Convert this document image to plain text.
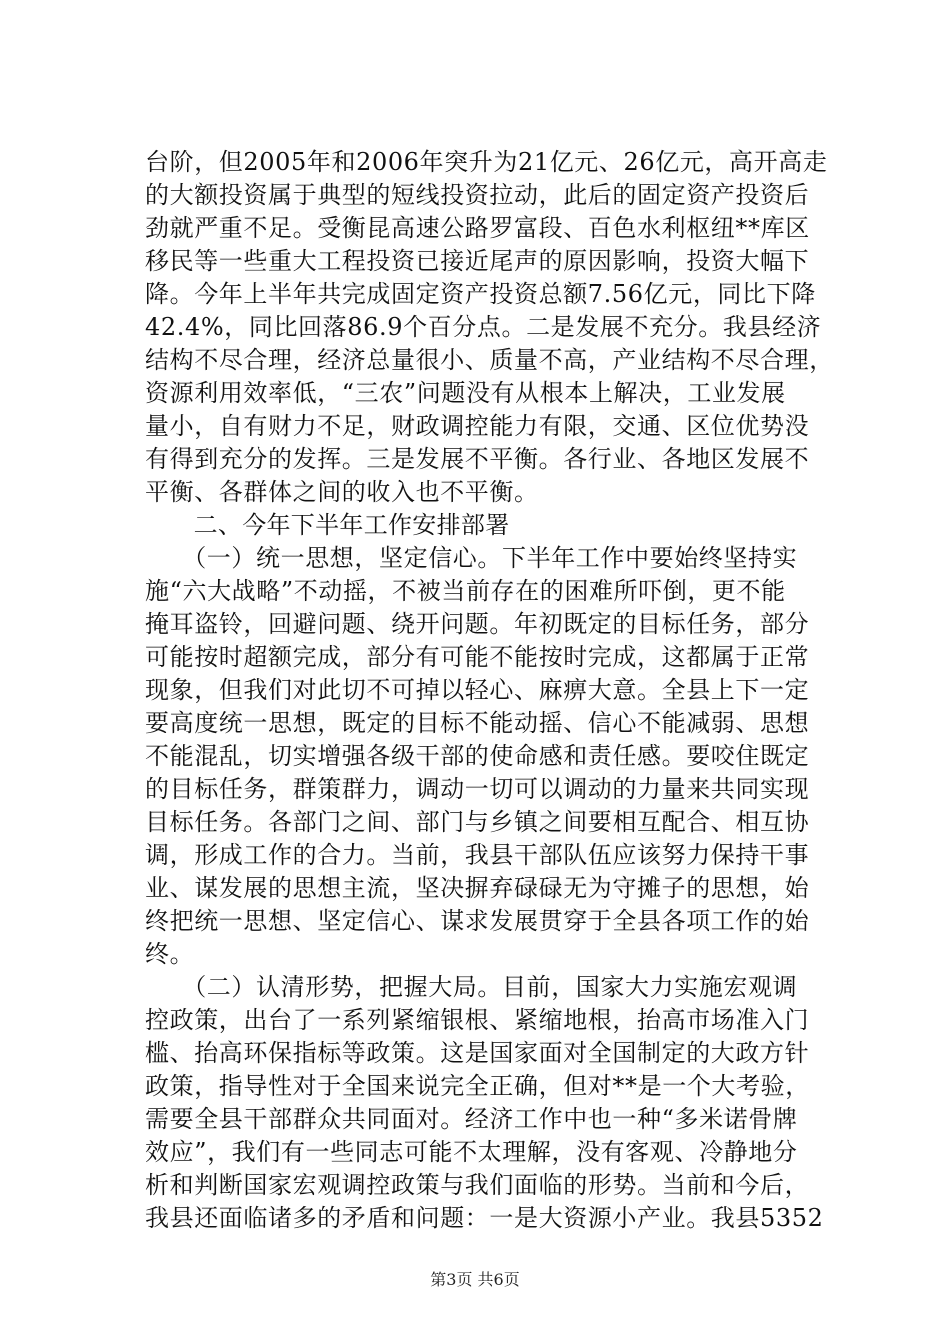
台阶，但2005年和2006年突升为21亿元、26亿元，高开高走
的大额投资属于典型的短线投资拉动，此后的固定资产投资后
劲就严重不足。受衡昆高速公路罗富段、百色水利枢纽**库区
移民等一些重大工程投资已接近尾声的原因影响，投资大幅下
降。今年上半年共完成固定资产投资总额7.56亿元，同比下降
42.4%，同比回落86.9个百分点。二是发展不充分。我县经济
结构不尽合理，经济总量很小、质量不高，产业结构不尽合理，
资源利用效率低，“三农”问题没有从根本上解决，工业发展
量小，自有财力不足，财政调控能力有限，交通、区位优势没
有得到充分的发挥。三是发展不平衡。各行业、各地区发展不
平衡、各群体之间的收入也不平衡。
　　二、今年下半年工作安排部署
　　（一）统一思想，坚定信心。下半年工作中要始终坚持实
施“六大战略”不动摇，不被当前存在的困难所吓倒，更不能
掩耳盗铃，回避问题、绕开问题。年初既定的目标任务，部分
可能按时超额完成，部分有可能不能按时完成，这都属于正常
现象，但我们对此切不可掉以轻心、麻痹大意。全县上下一定
要高度统一思想，既定的目标不能动摇、信心不能减弱、思想
不能混乱，切实增强各级干部的使命感和责任感。要咬住既定
的目标任务，群策群力，调动一切可以调动的力量来共同实现
目标任务。各部门之间、部门与乡镇之间要相互配合、相互协
调，形成工作的合力。当前，我县干部队伍应该努力保持干事
业、谋发展的思想主流，坚决摒弃碌碌无为守摊子的思想，始
终把统一思想、坚定信心、谋求发展贯穿于全县各项工作的始
终。
　　（二）认清形势，把握大局。目前，国家大力实施宏观调
控政策，出台了一系列紧缩银根、紧缩地根，抬高市场准入门
槛、抬高环保指标等政策。这是国家面对全国制定的大政方针
政策，指导性对于全国来说完全正确，但对**是一个大考验，
需要全县干部群众共同面对。经济工作中也一种“多米诺骨牌
效应”，我们有一些同志可能不太理解，没有客观、冷静地分
析和判断国家宏观调控政策与我们面临的形势。当前和今后，
我县还面临诸多的矛盾和问题：一是大资源小产业。我县5352
第3页 共6页
